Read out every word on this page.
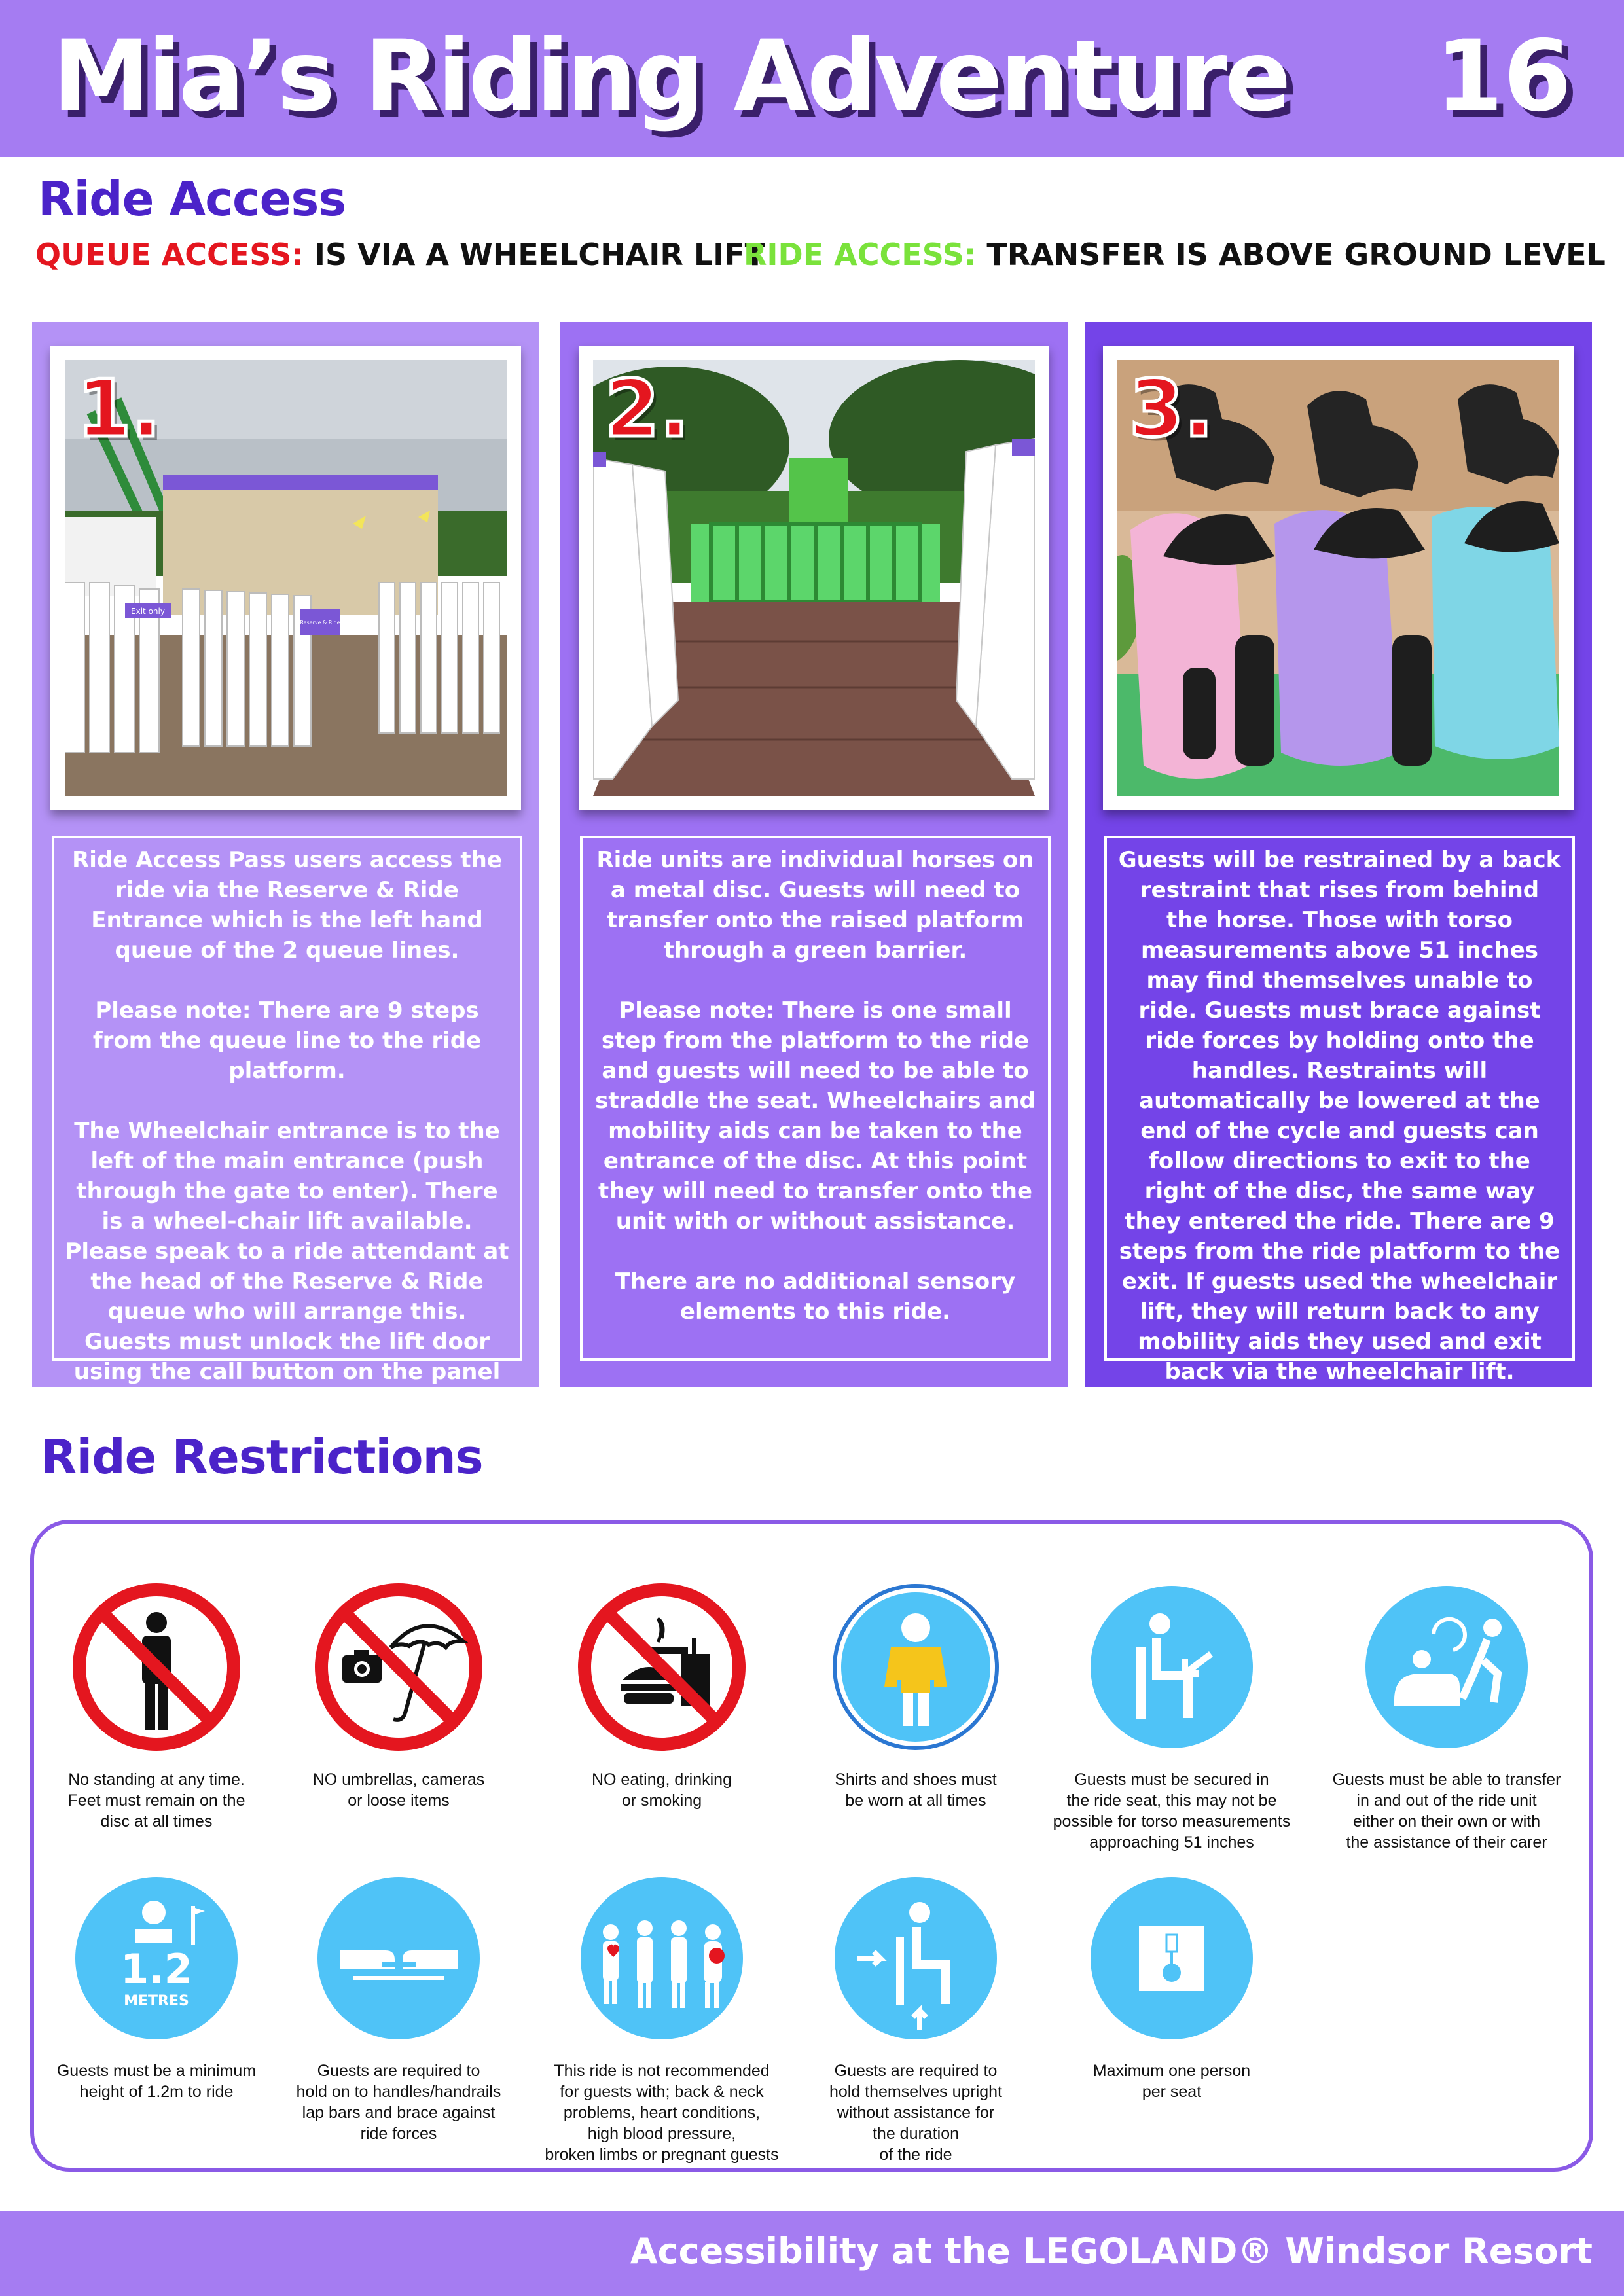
Mia’s Riding Adventure 16
Ride Access
QUEUE ACCESS: IS VIA A WHEELCHAIR LIFT
RIDE ACCESS: TRANSFER IS ABOVE GROUND LEVEL
Exit only
Reserve & Ride
1.

Ride Access Pass users access the ride via the Reserve & Ride Entrance which is the left hand queue of the 2 queue lines.

Please note: There are 9 steps from the queue line to the ride platform.

The Wheelchair entrance is to the left of the main entrance (push through the gate to enter). There is a wheel-chair lift available. Please speak to a ride attendant at the head of the Reserve & Ride queue who will arrange this. Guests must unlock the lift door using the call button on the panel to the left.

2.

Ride units are individual horses on a metal disc. Guests will need to transfer onto the raised platform through a green barrier.

Please note: There is one small step from the platform to the ride and guests will need to be able to straddle the seat. Wheelchairs and mobility aids can be taken to the entrance of the disc. At this point they will need to transfer onto the unit with or without assistance.

There are no additional sensory elements to this ride.

3.

Guests will be restrained by a back restraint that rises from behind the horse. Those with torso measurements above 51 inches may find themselves unable to ride. Guests must brace against ride forces by holding onto the handles. Restraints will automatically be lowered at the end of the cycle and guests can follow directions to exit to the right of the disc, the same way they entered the ride. There are 9 steps from the ride platform to the exit. If guests used the wheelchair lift, they will return back to any mobility aids they used and exit back via the wheelchair lift.

Ride Restrictions
No standing at any time.
Feet must remain on the
disc at all times
NO umbrellas, cameras
or loose items
NO eating, drinking
or smoking
Shirts and shoes must
be worn at all times
Guests must be secured in
the ride seat, this may not be
possible for torso measurements
approaching 51 inches
Guests must be able to transfer
in and out of the ride unit
either on their own or with
the assistance of their carer
1.2
METRES
Guests must be a minimum
height of 1.2m to ride
Guests are required to
hold on to handles/handrails
lap bars and brace against
ride forces
This ride is not recommended
for guests with; back & neck
problems, heart conditions,
high blood pressure,
broken limbs or pregnant guests
Guests are required to
hold themselves upright
without assistance for
the duration
of the ride
Maximum one person
per seat
Accessibility at the LEGOLAND® Windsor Resort
